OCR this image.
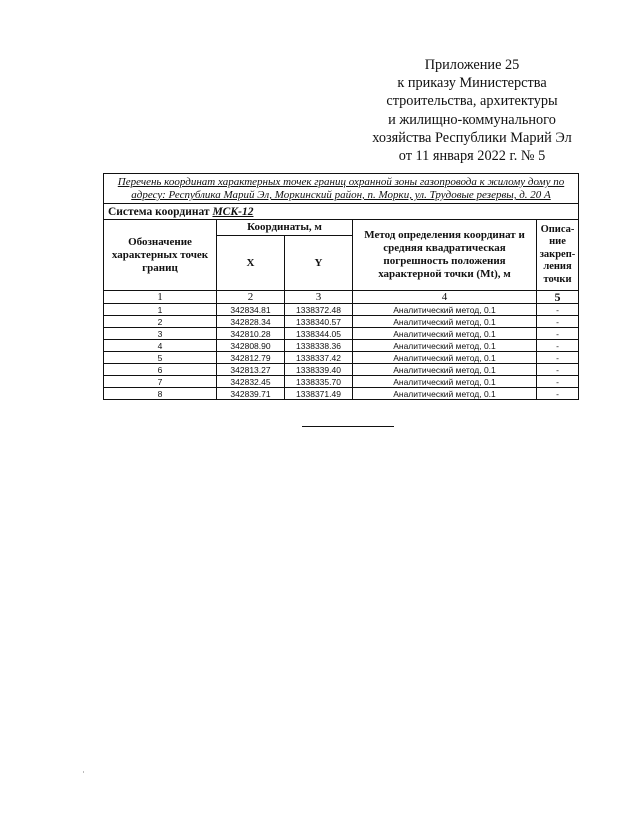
Приложение 25
к приказу Министерства
строительства, архитектуры
и жилищно-коммунального
хозяйства Республики Марий Эл
от 11 января 2022 г. № 5
Перечень координат характерных точек границ охранной зоны газопровода к жилому дому по адресу: Республика Марий Эл, Моркинский район, п. Морки, ул. Трудовые резервы, д. 20 А				
Система координат МСК-12				
Обозначение характерных точек границ	Координаты, м		Метод определения координат и средняя квадратическая погрешность положения характерной точки (Mt), м	Описа-ние закреп-ления точки
	X	Y		
1	2	3	4	5
1	342834.81	1338372.48	Аналитический метод, 0.1	-
2	342828.34	1338340.57	Аналитический метод, 0.1	-
3	342810.28	1338344.05	Аналитический метод, 0.1	-
4	342808.90	1338338.36	Аналитический метод, 0.1	-
5	342812.79	1338337.42	Аналитический метод, 0.1	-
6	342813.27	1338339.40	Аналитический метод, 0.1	-
7	342832.45	1338335.70	Аналитический метод, 0.1	-
8	342839.71	1338371.49	Аналитический метод, 0.1	-
